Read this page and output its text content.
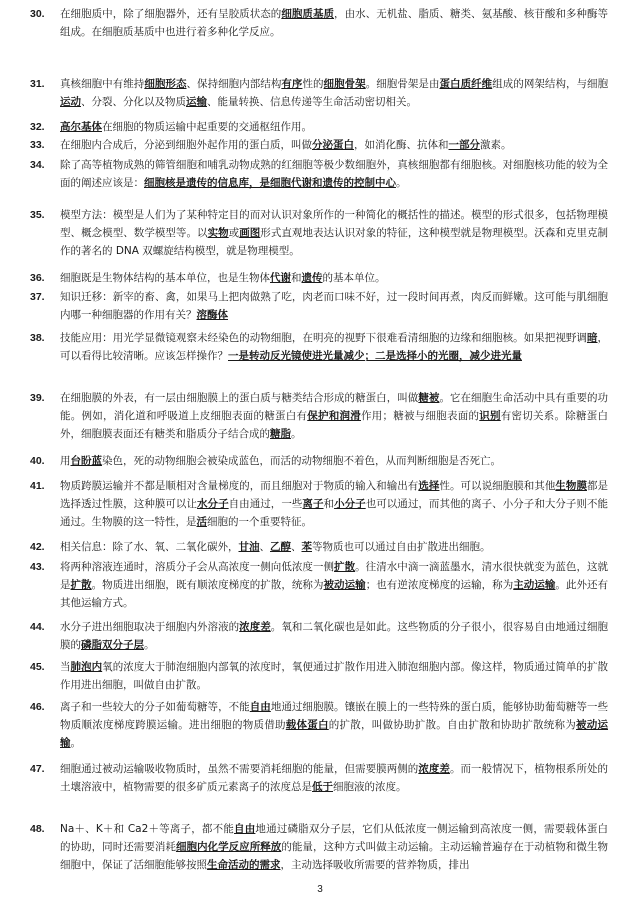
30.	在细胞质中，除了细胞器外，还有呈胶质状态的细胞质基质，由水、无机盐、脂质、糖类、氨基酸、核苷酸和多种酶等组成。在细胞质基质中也进行着多种化学反应。
31.	真核细胞中有维持细胞形态、保持细胞内部结构有序性的细胞骨架。细胞骨架是由蛋白质纤维组成的网架结构，与细胞运动、分裂、分化以及物质运输、能量转换、信息传递等生命活动密切相关。
32.	高尔基体在细胞的物质运输中起重要的交通枢纽作用。
33.	在细胞内合成后，分泌到细胞外起作用的蛋白质，叫做分泌蛋白，如消化酶、抗体和一部分激素。
34.	除了高等植物成熟的筛管细胞和哺乳动物成熟的红细胞等极少数细胞外，真核细胞都有细胞核。对细胞核功能的较为全面的阐述应该是：细胞核是遗传的信息库，是细胞代谢和遗传的控制中心。
35.	模型方法：模型是人们为了某种特定目的而对认识对象所作的一种简化的概括性的描述。模型的形式很多，包括物理模型、概念模型、数学模型等。以实物或画图形式直观地表达认识对象的特征，这种模型就是物理模型。沃森和克里克制作的著名的 DNA 双螺旋结构模型，就是物理模型。
36.	细胞既是生物体结构的基本单位，也是生物体代谢和遗传的基本单位。
37.	知识迁移：新宰的畜、禽，如果马上把肉做熟了吃，肉老而口味不好，过一段时间再煮，肉反而鲜嫩。这可能与肌细胞内哪一种细胞器的作用有关？溶酶体
38.	技能应用：用光学显微镜观察未经染色的动物细胞，在明亮的视野下很难看清细胞的边缘和细胞核。如果把视野调暗，可以看得比较清晰。应该怎样操作？一是转动反光镜使进光量减少；二是选择小的光圈，减少进光量
39.	在细胞膜的外表，有一层由细胞膜上的蛋白质与糖类结合形成的糖蛋白，叫做糖被。它在细胞生命活动中具有重要的功能。例如，消化道和呼吸道上皮细胞表面的糖蛋白有保护和润滑作用；糖被与细胞表面的识别有密切关系。除糖蛋白外，细胞膜表面还有糖类和脂质分子结合成的糖脂。
40.	用台盼蓝染色，死的动物细胞会被染成蓝色，而活的动物细胞不着色，从而判断细胞是否死亡。
41.	物质跨膜运输并不都是顺相对含量梯度的，而且细胞对于物质的输入和输出有选择性。可以说细胞膜和其他生物膜都是选择透过性膜，这种膜可以让水分子自由通过，一些离子和小分子也可以通过，而其他的离子、小分子和大分子则不能通过。生物膜的这一特性，是活细胞的一个重要特征。
42.	相关信息：除了水、氧、二氧化碳外，甘油、乙醇、苯等物质也可以通过自由扩散进出细胞。
43.	将两种溶液连通时，溶质分子会从高浓度一侧向低浓度一侧扩散。往清水中滴一滴蓝墨水，清水很快就变为蓝色，这就是扩散。物质进出细胞，既有顺浓度梯度的扩散，统称为被动运输；也有逆浓度梯度的运输，称为主动运输。此外还有其他运输方式。
44.	水分子进出细胞取决于细胞内外溶液的浓度差。氧和二氧化碳也是如此。这些物质的分子很小，很容易自由地通过细胞膜的磷脂双分子层。
45.	当肺泡内氧的浓度大于肺泡细胞内部氧的浓度时，氧便通过扩散作用进入肺泡细胞内部。像这样，物质通过简单的扩散作用进出细胞，叫做自由扩散。
46.	离子和一些较大的分子如葡萄糖等，不能自由地通过细胞膜。镶嵌在膜上的一些特殊的蛋白质，能够协助葡萄糖等一些物质顺浓度梯度跨膜运输。进出细胞的物质借助载体蛋白的扩散，叫做协助扩散。自由扩散和协助扩散统称为被动运输。
47.	细胞通过被动运输吸收物质时，虽然不需要消耗细胞的能量，但需要膜两侧的浓度差。而一般情况下，植物根系所处的土壤溶液中，植物需要的很多矿质元素离子的浓度总是低于细胞液的浓度。
48.	Na＋、K＋和 Ca2＋等离子，都不能自由地通过磷脂双分子层，它们从低浓度一侧运输到高浓度一侧，需要载体蛋白的协助，同时还需要消耗细胞内化学反应所释放的能量，这种方式叫做主动运输。主动运输普遍存在于动植物和微生物细胞中，保证了活细胞能够按照生命活动的需求，主动选择吸收所需要的营养物质，排出
3
